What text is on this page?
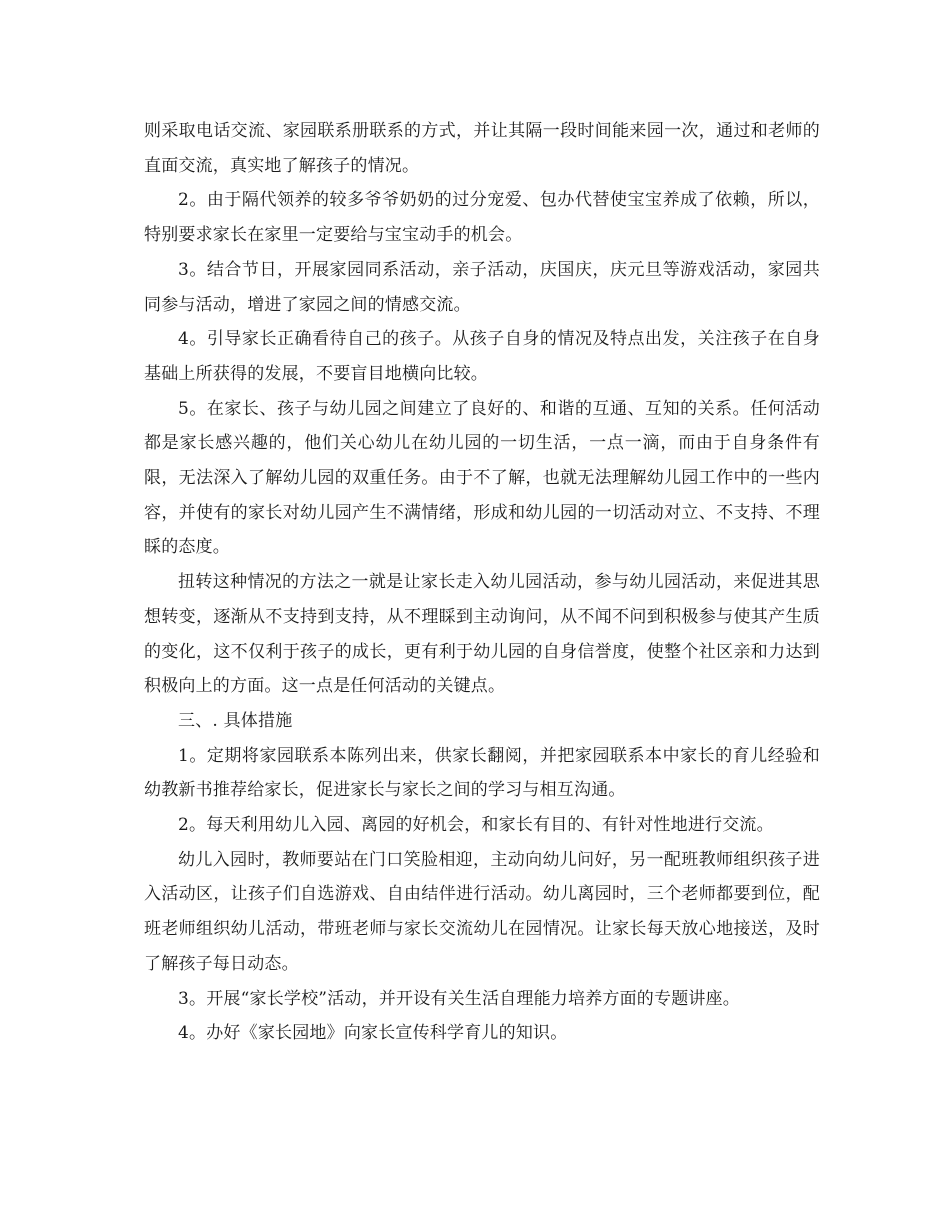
则采取电话交流、家园联系册联系的方式，并让其隔一段时间能来园一次，通过和老师的直面交流，真实地了解孩子的情况。

2。由于隔代领养的较多爷爷奶奶的过分宠爱、包办代替使宝宝养成了依赖，所以，特别要求家长在家里一定要给与宝宝动手的机会。

3。结合节日，开展家园同系活动，亲子活动，庆国庆，庆元旦等游戏活动，家园共同参与活动，增进了家园之间的情感交流。

4。引导家长正确看待自己的孩子。从孩子自身的情况及特点出发，关注孩子在自身基础上所获得的发展，不要盲目地横向比较。

5。在家长、孩子与幼儿园之间建立了良好的、和谐的互通、互知的关系。任何活动都是家长感兴趣的，他们关心幼儿在幼儿园的一切生活，一点一滴，而由于自身条件有限，无法深入了解幼儿园的双重任务。由于不了解，也就无法理解幼儿园工作中的一些内容，并使有的家长对幼儿园产生不满情绪，形成和幼儿园的一切活动对立、不支持、不理睬的态度。

扭转这种情况的方法之一就是让家长走入幼儿园活动，参与幼儿园活动，来促进其思想转变，逐渐从不支持到支持，从不理睬到主动询问，从不闻不问到积极参与使其产生质的变化，这不仅利于孩子的成长，更有利于幼儿园的自身信誉度，使整个社区亲和力达到积极向上的方面。这一点是任何活动的关键点。

三、. 具体措施

1。定期将家园联系本陈列出来，供家长翻阅，并把家园联系本中家长的育儿经验和幼教新书推荐给家长，促进家长与家长之间的学习与相互沟通。

2。每天利用幼儿入园、离园的好机会，和家长有目的、有针对性地进行交流。

幼儿入园时，教师要站在门口笑脸相迎，主动向幼儿问好，另一配班教师组织孩子进入活动区，让孩子们自选游戏、自由结伴进行活动。幼儿离园时，三个老师都要到位，配班老师组织幼儿活动，带班老师与家长交流幼儿在园情况。让家长每天放心地接送，及时了解孩子每日动态。

3。开展“家长学校”活动，并开设有关生活自理能力培养方面的专题讲座。

4。办好《家长园地》向家长宣传科学育儿的知识。
